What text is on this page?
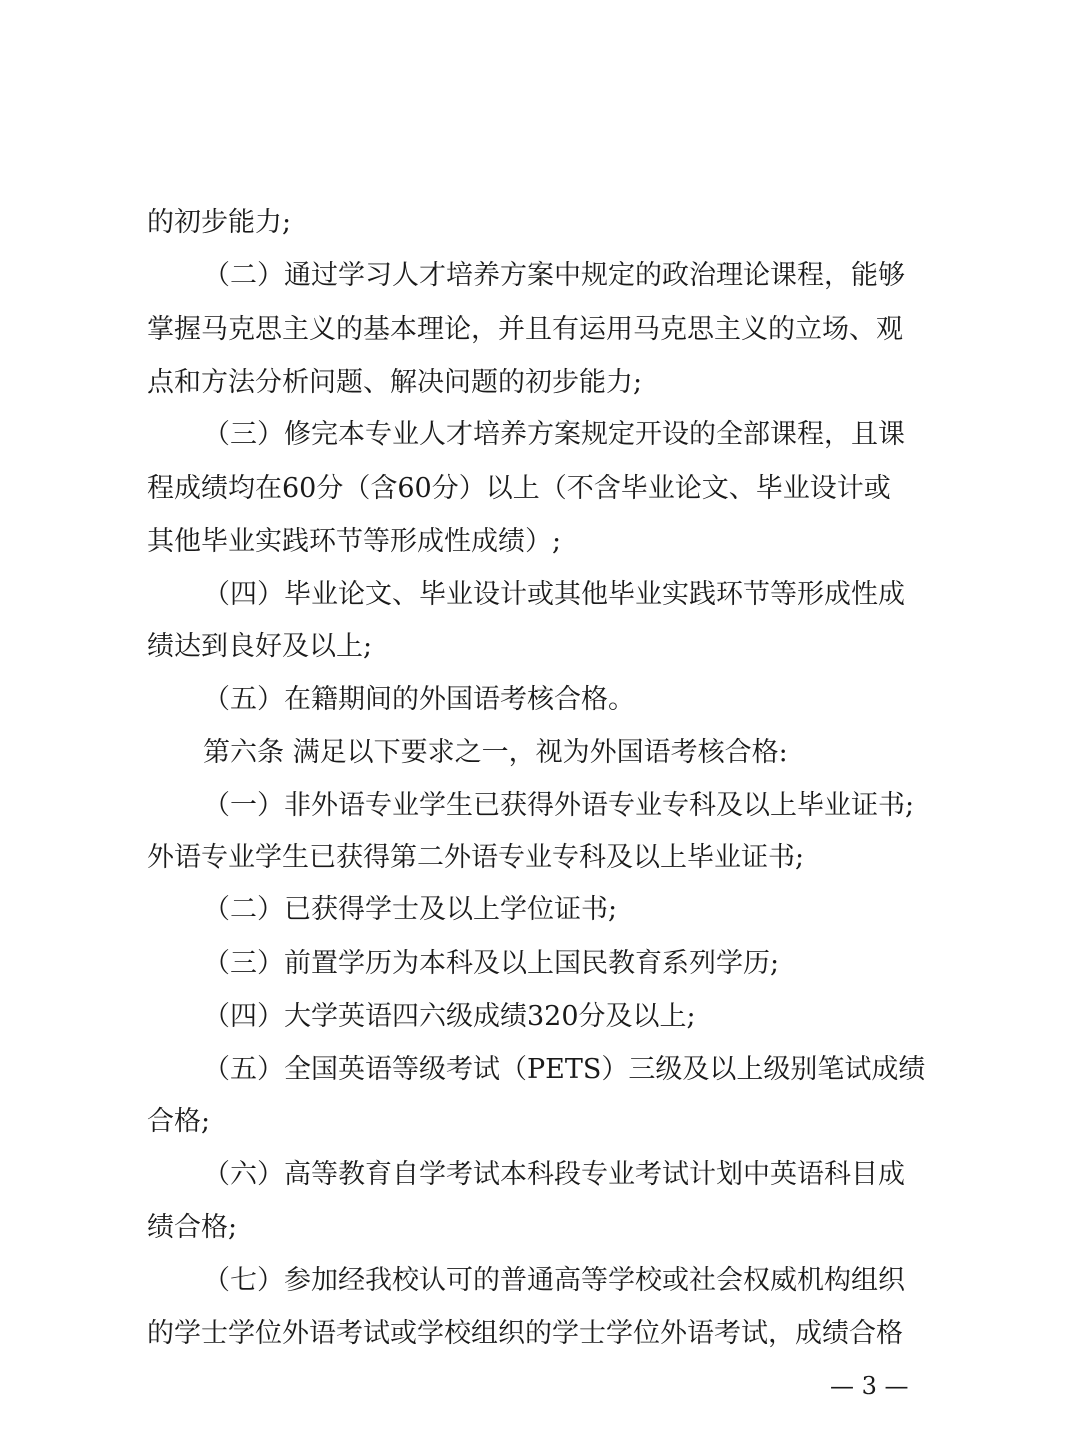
的初步能力;
（二）通过学习人才培养方案中规定的政治理论课程，能够
掌握马克思主义的基本理论，并且有运用马克思主义的立场、观
点和方法分析问题、解决问题的初步能力;
（三）修完本专业人才培养方案规定开设的全部课程，且课
程成绩均在60分（含60分）以上（不含毕业论文、毕业设计或
其他毕业实践环节等形成性成绩）;
（四）毕业论文、毕业设计或其他毕业实践环节等形成性成
绩达到良好及以上;
（五）在籍期间的外国语考核合格。
第六条 满足以下要求之一，视为外国语考核合格:
（一）非外语专业学生已获得外语专业专科及以上毕业证书;
外语专业学生已获得第二外语专业专科及以上毕业证书;
（二）已获得学士及以上学位证书;
（三）前置学历为本科及以上国民教育系列学历;
（四）大学英语四六级成绩320分及以上;
（五）全国英语等级考试（PETS）三级及以上级别笔试成绩
合格;
（六）高等教育自学考试本科段专业考试计划中英语科目成
绩合格;
（七）参加经我校认可的普通高等学校或社会权威机构组织
的学士学位外语考试或学校组织的学士学位外语考试，成绩合格
— 3 —
